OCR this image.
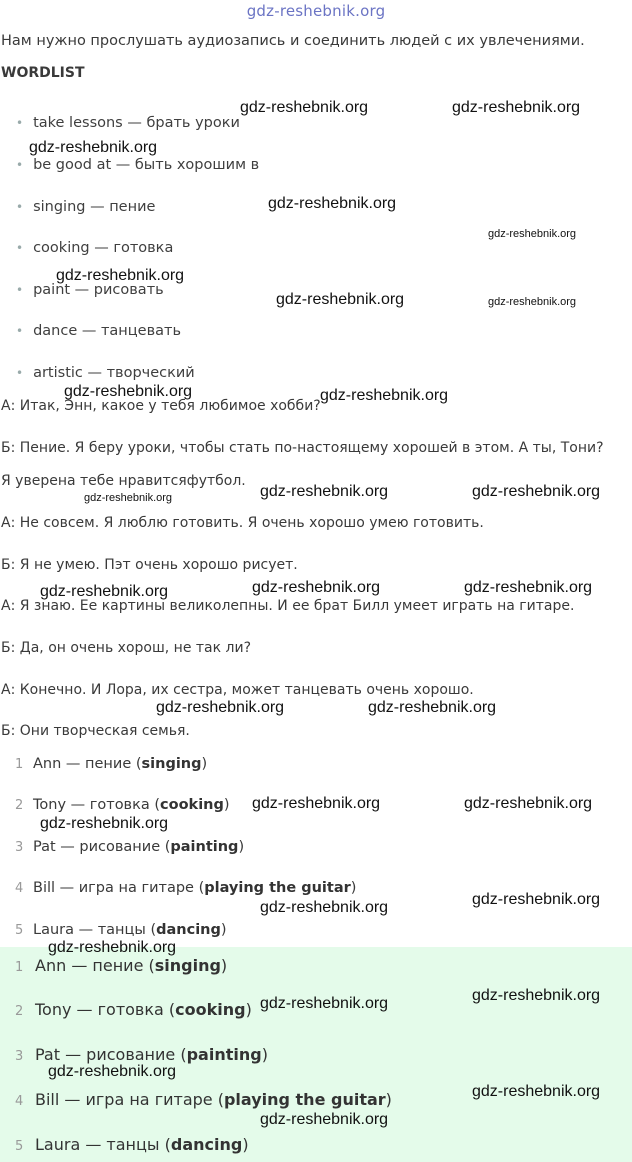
gdz-reshebnik.org
Нам нужно прослушать аудиозапись и соединить людей с их увлечениями.
WORDLIST
• take lessons — брать уроки
• be good at — быть хорошим в
• singing — пение
• cooking — готовка
• paint — рисовать
• dance — танцевать
• artistic — творческий
А: Итак, Энн, какое у тебя любимое хобби?
Б: Пение. Я беру уроки, чтобы стать по-настоящему хорошей в этом. А ты, Тони?
Я уверена тебе нравитсяфутбол.
А: Не совсем. Я люблю готовить. Я очень хорошо умею готовить.
Б: Я не умею. Пэт очень хорошо рисует.
А: Я знаю. Ее картины великолепны. И ее брат Билл умеет играть на гитаре.
Б: Да, он очень хорош, не так ли?
А: Конечно. И Лора, их сестра, может танцевать очень хорошо.
Б: Они творческая семья.
1 Ann — пение (singing)
2 Tony — готовка (cooking)
3 Pat — рисование (painting)
4 Bill — игра на гитаре (playing the guitar)
5 Laura — танцы (dancing)
1 Ann — пение (singing)
2 Tony — готовка (cooking)
3 Pat — рисование (painting)
4 Bill — игра на гитаре (playing the guitar)
5 Laura — танцы (dancing)
gdz-reshebnik.org	gdz-reshebnik.org
gdz-reshebnik.org
gdz-reshebnik.org
gdz-reshebnik.org
gdz-reshebnik.org
gdz-reshebnik.org	gdz-reshebnik.org
gdz-reshebnik.org	gdz-reshebnik.org
gdz-reshebnik.org	gdz-reshebnik.org
gdz-reshebnik.org
gdz-reshebnik.org	gdz-reshebnik.org	gdz-reshebnik.org
gdz-reshebnik.org	gdz-reshebnik.org
gdz-reshebnik.org	gdz-reshebnik.org
gdz-reshebnik.org
gdz-reshebnik.org	gdz-reshebnik.org
gdz-reshebnik.org
gdz-reshebnik.org	gdz-reshebnik.org
gdz-reshebnik.org
gdz-reshebnik.org
gdz-reshebnik.org
